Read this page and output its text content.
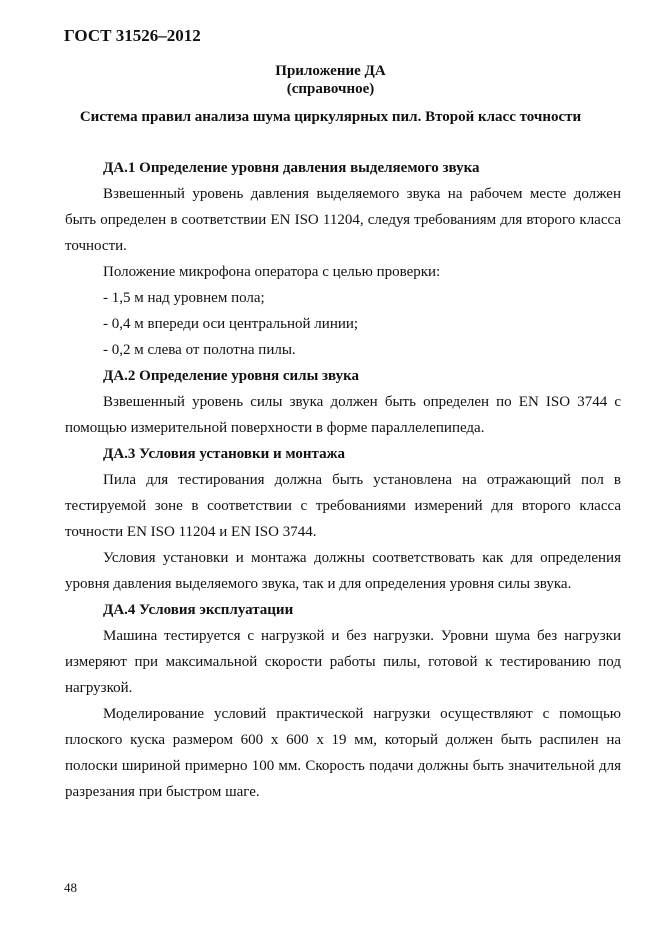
ГОСТ 31526–2012
Приложение ДА
(справочное)
Система правил анализа шума циркулярных пил. Второй класс точности

ДА.1 Определение уровня давления выделяемого звука

Взвешенный уровень давления выделяемого звука на рабочем месте должен быть определен в соответствии EN ISO 11204, следуя требованиям для второго класса точности.

Положение микрофона оператора с целью проверки:

- 1,5 м над уровнем пола;

- 0,4 м впереди оси центральной линии;

- 0,2 м слева от полотна пилы.

ДА.2 Определение уровня силы звука

Взвешенный уровень силы звука должен быть определен по EN ISO 3744 с помощью измерительной поверхности в форме параллелепипеда.

ДА.3 Условия установки и монтажа

Пила для тестирования должна быть установлена на отражающий пол в тестируемой зоне в соответствии с требованиями измерений для второго класса точности EN ISO 11204 и EN ISO 3744.

Условия установки и монтажа должны соответствовать как для определения уровня давления выделяемого звука, так и для определения уровня силы звука.

ДА.4 Условия эксплуатации

Машина тестируется с нагрузкой и без нагрузки. Уровни шума без нагрузки измеряют при максимальной скорости работы пилы, готовой к тестированию под нагрузкой.

Моделирование условий практической нагрузки осуществляют с помощью плоского куска размером 600 х 600 х 19 мм, который должен быть распилен на полоски шириной примерно 100 мм. Скорость подачи должны быть значительной для разрезания при быстром шаге.

48
